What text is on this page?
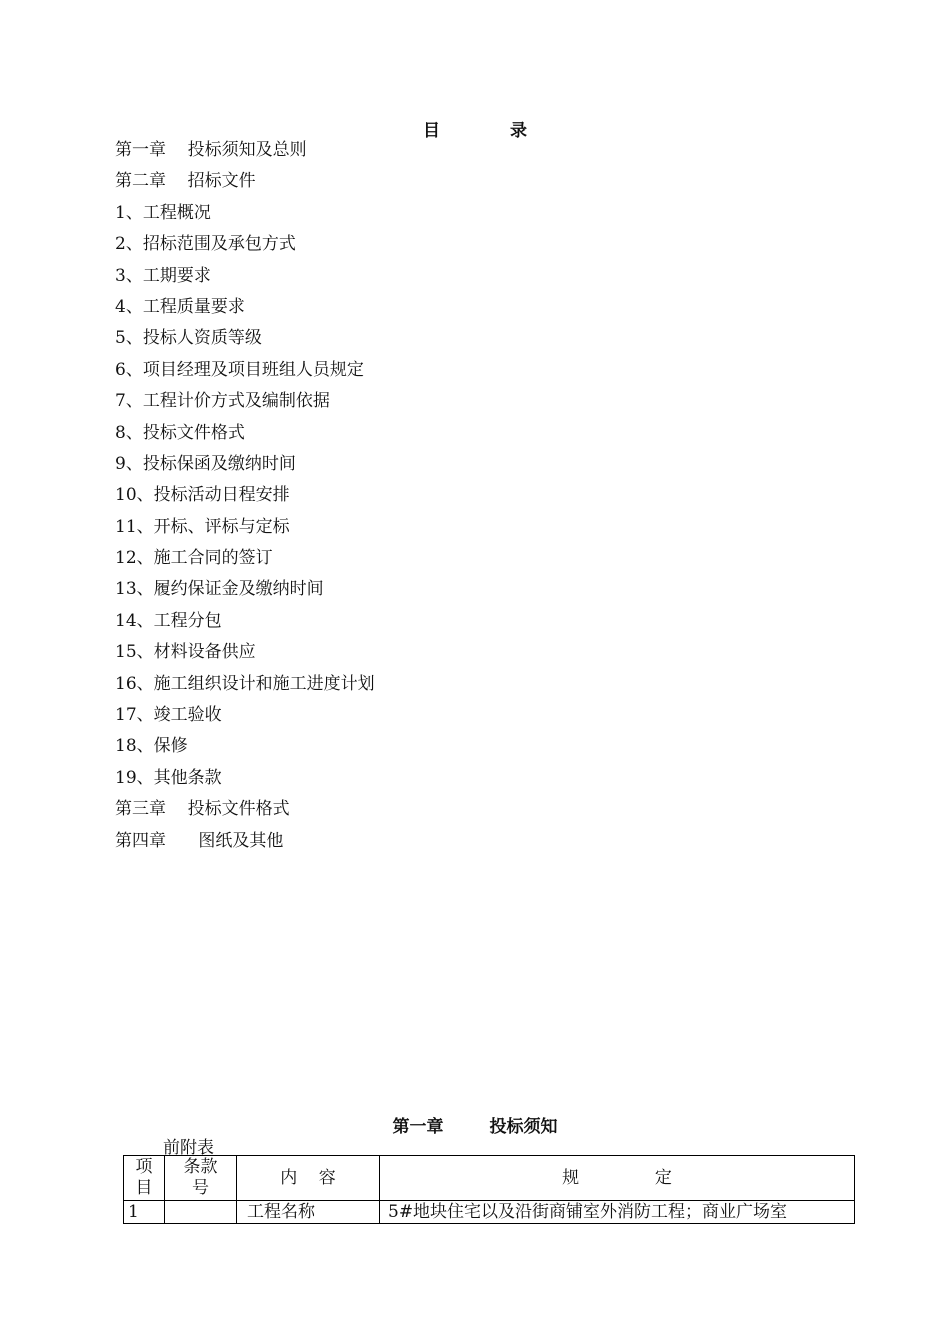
目	录
第一章    投标须知及总则
第二章    招标文件
1、工程概况
2、招标范围及承包方式
3、工期要求
4、工程质量要求
5、投标人资质等级
6、项目经理及项目班组人员规定
7、工程计价方式及编制依据
8、投标文件格式
9、投标保函及缴纳时间
10、投标活动日程安排
11、开标、评标与定标
12、施工合同的签订
13、履约保证金及缴纳时间
14、工程分包
15、材料设备供应
16、施工组织设计和施工进度计划
17、竣工验收
18、保修
19、其他条款
第三章    投标文件格式
第四章      图纸及其他
第一章	投标须知
前附表
项目	条款号	内    容	规              定
1		工程名称	5#地块住宅以及沿街商铺室外消防工程；商业广场室
